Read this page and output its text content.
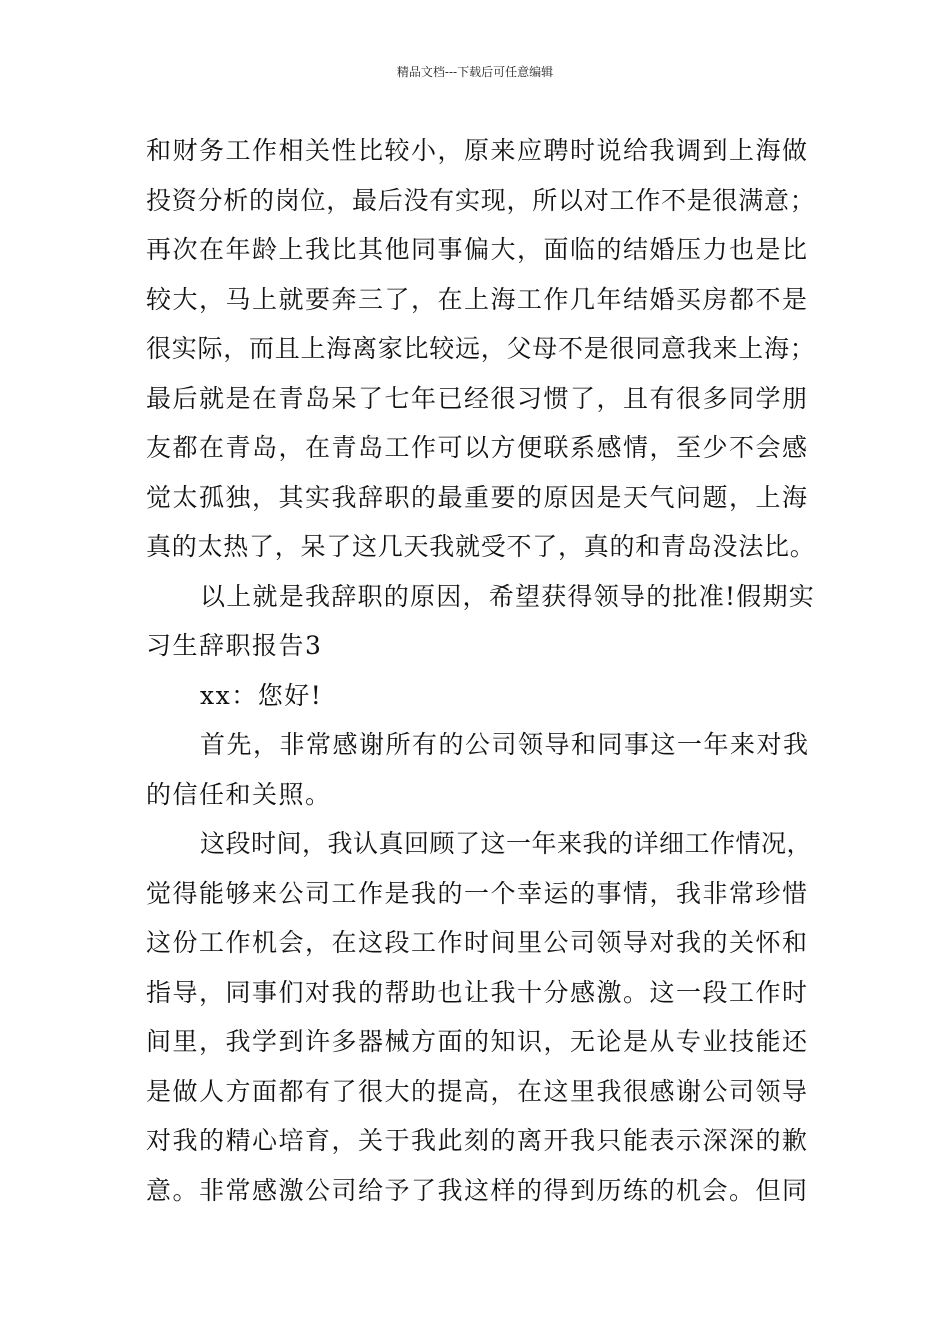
精品文档---下载后可任意编辑
和财务工作相关性比较小，原来应聘时说给我调到上海做
投资分析的岗位，最后没有实现，所以对工作不是很满意；
再次在年龄上我比其他同事偏大，面临的结婚压力也是比
较大，马上就要奔三了，在上海工作几年结婚买房都不是
很实际，而且上海离家比较远，父母不是很同意我来上海；
最后就是在青岛呆了七年已经很习惯了，且有很多同学朋
友都在青岛，在青岛工作可以方便联系感情，至少不会感
觉太孤独，其实我辞职的最重要的原因是天气问题，上海
真的太热了，呆了这几天我就受不了，真的和青岛没法比。
以上就是我辞职的原因，希望获得领导的批准!假期实
习生辞职报告3
xx：您好!
首先，非常感谢所有的公司领导和同事这一年来对我
的信任和关照。
这段时间，我认真回顾了这一年来我的详细工作情况，
觉得能够来公司工作是我的一个幸运的事情，我非常珍惜
这份工作机会，在这段工作时间里公司领导对我的关怀和
指导，同事们对我的帮助也让我十分感激。这一段工作时
间里，我学到许多器械方面的知识，无论是从专业技能还
是做人方面都有了很大的提高，在这里我很感谢公司领导
对我的精心培育，关于我此刻的离开我只能表示深深的歉
意。非常感激公司给予了我这样的得到历练的机会。但同
